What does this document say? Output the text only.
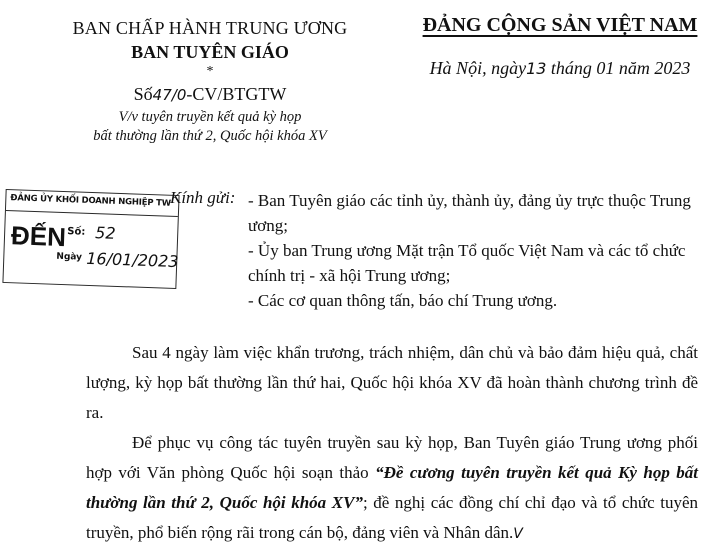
BAN CHẤP HÀNH TRUNG ƯƠNG
BAN TUYÊN GIÁO
*
Số47/0-CV/BTGTW
V/v tuyên truyền kết quả kỳ họp
bất thường lần thứ 2, Quốc hội khóa XV
ĐẢNG CỘNG SẢN VIỆT NAM
Hà Nội, ngày13 tháng 01 năm 2023
ĐẢNG ỦY KHỐI DOANH NGHIỆP TW
ĐẾN Số: 52
Ngày 16/01/2023
Kính gửi: - Ban Tuyên giáo các tỉnh ủy, thành ủy, đảng ủy trực thuộc Trung ương;
- Ủy ban Trung ương Mặt trận Tổ quốc Việt Nam và các tổ chức chính trị - xã hội Trung ương;
- Các cơ quan thông tấn, báo chí Trung ương.
Sau 4 ngày làm việc khẩn trương, trách nhiệm, dân chủ và bảo đảm hiệu quả, chất lượng, kỳ họp bất thường lần thứ hai, Quốc hội khóa XV đã hoàn thành chương trình đề ra.
Để phục vụ công tác tuyên truyền sau kỳ họp, Ban Tuyên giáo Trung ương phối hợp với Văn phòng Quốc hội soạn thảo “Đề cương tuyên truyền kết quả Kỳ họp bất thường lần thứ 2, Quốc hội khóa XV”; đề nghị các đồng chí chỉ đạo và tổ chức tuyên truyền, phổ biến rộng rãi trong cán bộ, đảng viên và Nhân dân.V
